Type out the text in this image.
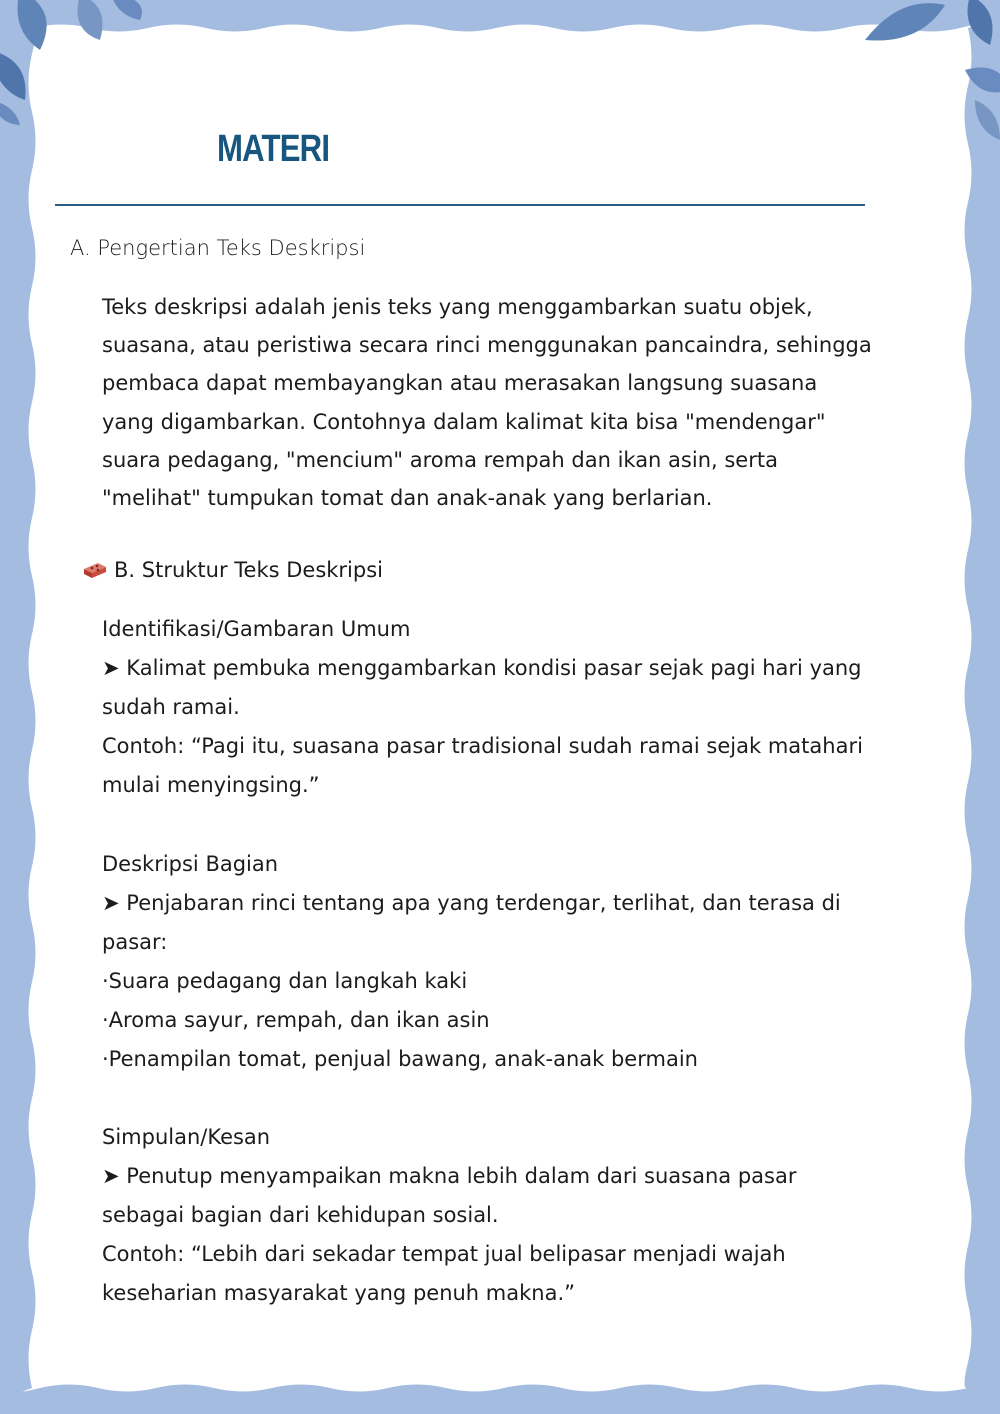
MATERI
A. Pengertian Teks Deskripsi
Teks deskripsi adalah jenis teks yang menggambarkan suatu objek, suasana, atau peristiwa secara rinci menggunakan pancaindra, sehingga pembaca dapat membayangkan atau merasakan langsung suasana yang digambarkan. Contohnya dalam kalimat kita bisa "mendengar" suara pedagang, "mencium" aroma rempah dan ikan asin, serta "melihat" tumpukan tomat dan anak-anak yang berlarian.
B. Struktur Teks Deskripsi
Identifikasi/Gambaran Umum
➤ Kalimat pembuka menggambarkan kondisi pasar sejak pagi hari yang sudah ramai.
Contoh: “Pagi itu, suasana pasar tradisional sudah ramai sejak matahari mulai menyingsing.”
Deskripsi Bagian
➤ Penjabaran rinci tentang apa yang terdengar, terlihat, dan terasa di pasar:
·Suara pedagang dan langkah kaki
·Aroma sayur, rempah, dan ikan asin
·Penampilan tomat, penjual bawang, anak-anak bermain
Simpulan/Kesan
➤ Penutup menyampaikan makna lebih dalam dari suasana pasar sebagai bagian dari kehidupan sosial.
Contoh: “Lebih dari sekadar tempat jual belipasar menjadi wajah keseharian masyarakat yang penuh makna.”
